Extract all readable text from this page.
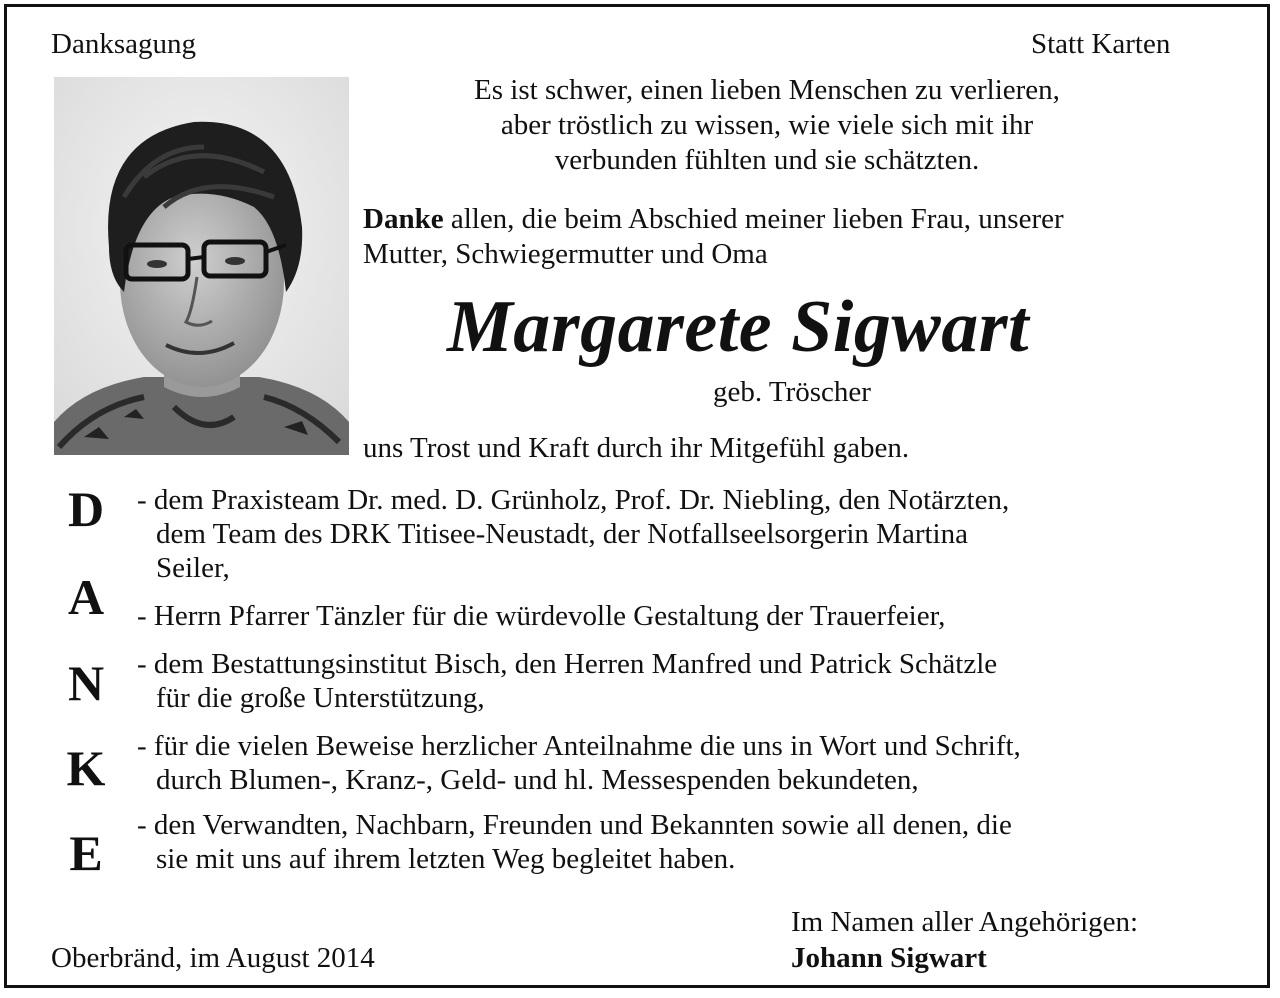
Danksagung	Statt Karten
Es ist schwer, einen lieben Menschen zu verlieren,
aber tröstlich zu wissen, wie viele sich mit ihr
verbunden fühlten und sie schätzten.
Danke allen, die beim Abschied meiner lieben Frau, unserer
Mutter, Schwiegermutter und Oma
Margarete Sigwart
geb. Tröscher
uns Trost und Kraft durch ihr Mitgefühl gaben.
D
A
N
K
E
- dem Praxisteam Dr. med. D. Grünholz, Prof. Dr. Niebling, den Notärzten,
dem Team des DRK Titisee-Neustadt, der Notfallseelsorgerin Martina
Seiler,
- Herrn Pfarrer Tänzler für die würdevolle Gestaltung der Trauerfeier,
- dem Bestattungsinstitut Bisch, den Herren Manfred und Patrick Schätzle
für die große Unterstützung,
- für die vielen Beweise herzlicher Anteilnahme die uns in Wort und Schrift,
durch Blumen-, Kranz-, Geld- und hl. Messespenden bekundeten,
- den Verwandten, Nachbarn, Freunden und Bekannten sowie all denen, die
sie mit uns auf ihrem letzten Weg begleitet haben.
Im Namen aller Angehörigen:
Oberbränd, im August 2014	Johann Sigwart
